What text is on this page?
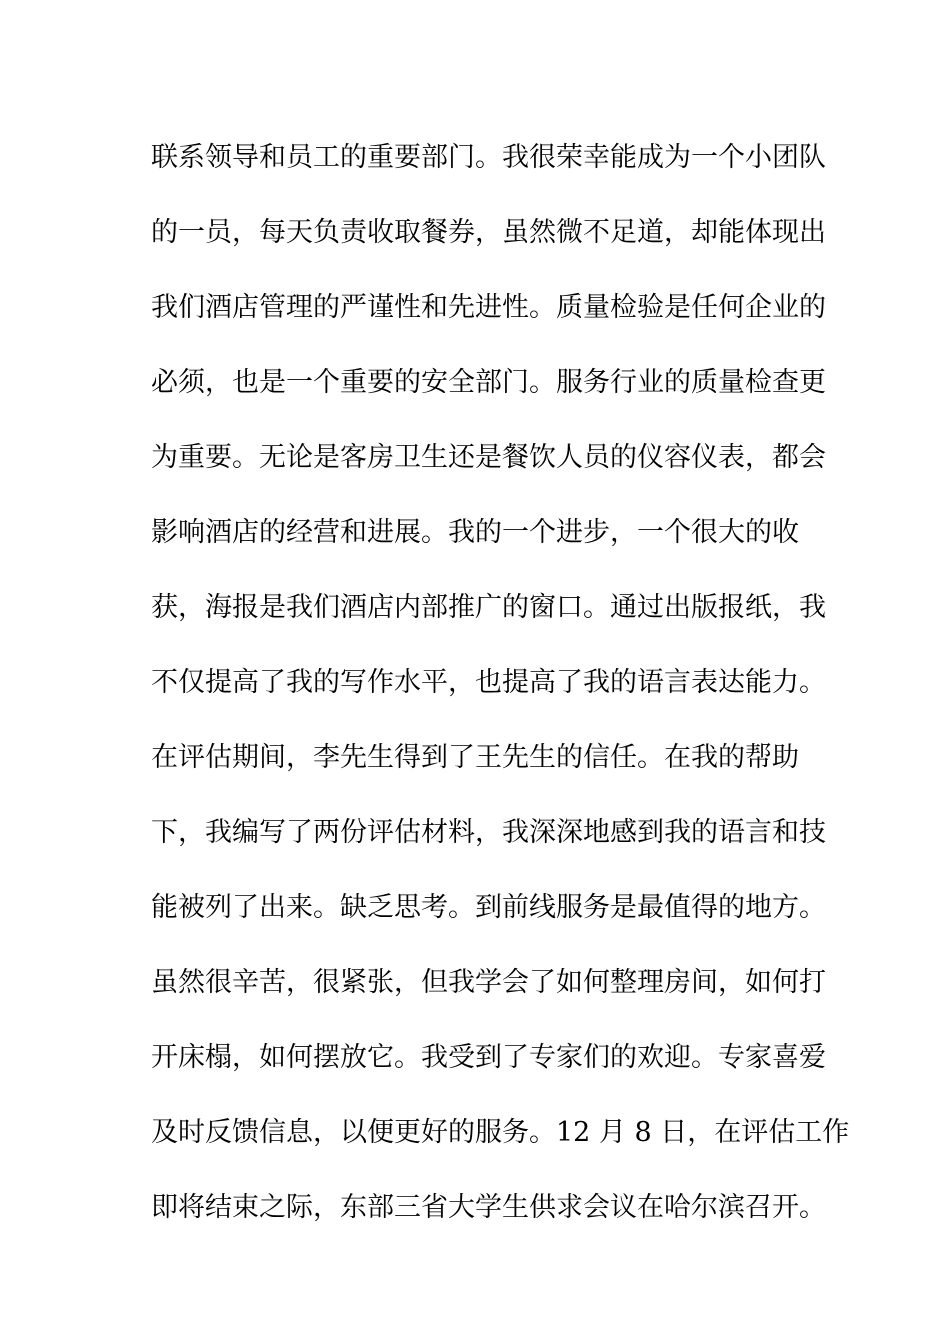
联系领导和员工的重要部门。我很荣幸能成为一个小团队
的一员，每天负责收取餐券，虽然微不足道，却能体现出
我们酒店管理的严谨性和先进性。质量检验是任何企业的
必须，也是一个重要的安全部门。服务行业的质量检查更
为重要。无论是客房卫生还是餐饮人员的仪容仪表，都会
影响酒店的经营和进展。我的一个进步，一个很大的收
获，海报是我们酒店内部推广的窗口。通过出版报纸，我
不仅提高了我的写作水平，也提高了我的语言表达能力。
在评估期间，李先生得到了王先生的信任。在我的帮助
下，我编写了两份评估材料，我深深地感到我的语言和技
能被列了出来。缺乏思考。到前线服务是最值得的地方。
虽然很辛苦，很紧张，但我学会了如何整理房间，如何打
开床榻，如何摆放它。我受到了专家们的欢迎。专家喜爱
及时反馈信息，以便更好的服务。12 月 8 日，在评估工作
即将结束之际，东部三省大学生供求会议在哈尔滨召开。
